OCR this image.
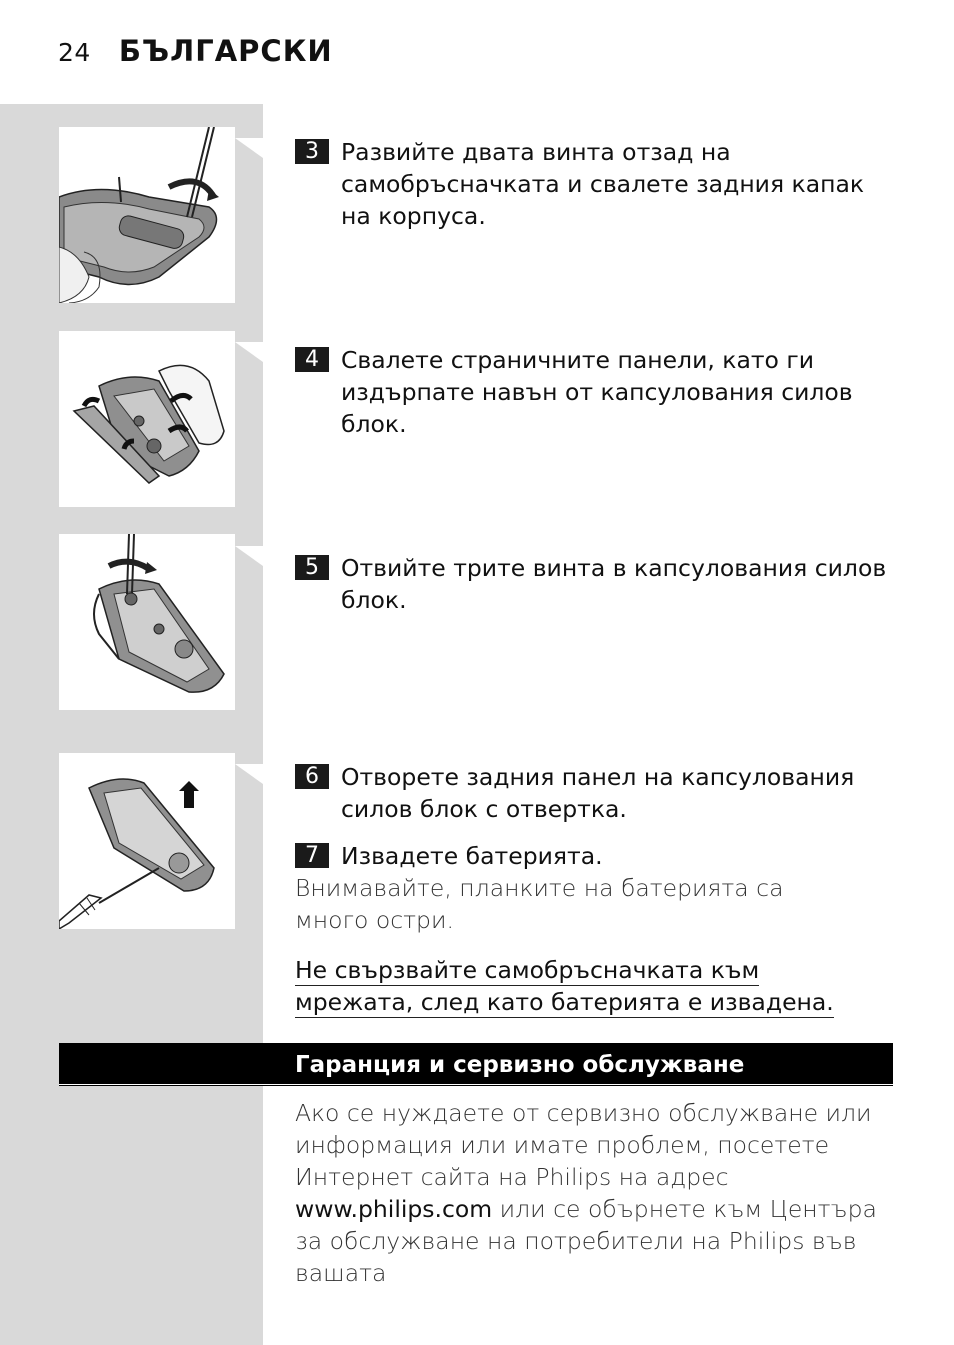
24 БЪЛГАРСКИ
3 Развийте двата винта отзад на самобръсначката и свалете задния капак на корпуса.
4 Свалете страничните панели, като ги издърпате навън от капсулования силов блок.
5 Отвийте трите винта в капсулования силов блок.
6 Отворете задния панел на капсулования силов блок с отвертка.
7 Извадете батерията.
Внимавайте, планките на батерията са много остри.
Не свързвайте самобръсначката към мрежата, след като батерията е извадена.
Гаранция и сервизно обслужване
Ако се нуждаете от сервизно обслужване или информация или имате проблем, посетете Интернет сайта на Philips на адрес www.philips.com или се обърнете към Центъра за обслужване на потребители на Philips във вашата
